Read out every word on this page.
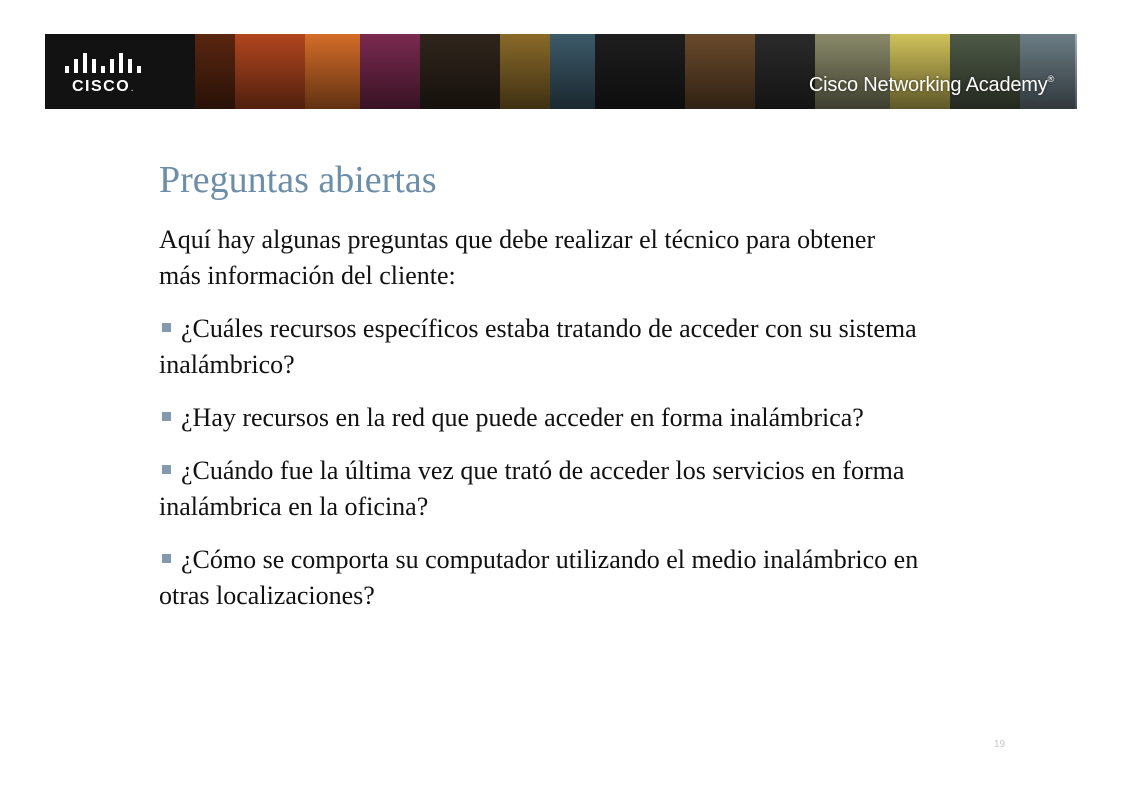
CISCO.	Cisco Networking Academy®
Preguntas abiertas

Aquí hay algunas preguntas que debe realizar el técnico para obtener más información del cliente:

¿Cuáles recursos específicos estaba tratando de acceder con su sistema inalámbrico?

¿Hay recursos en la red que puede acceder en forma inalámbrica?

¿Cuándo fue la última vez que trató de acceder los servicios en forma inalámbrica en la oficina?

¿Cómo se comporta su computador utilizando el medio inalámbrico en otras localizaciones?

19
